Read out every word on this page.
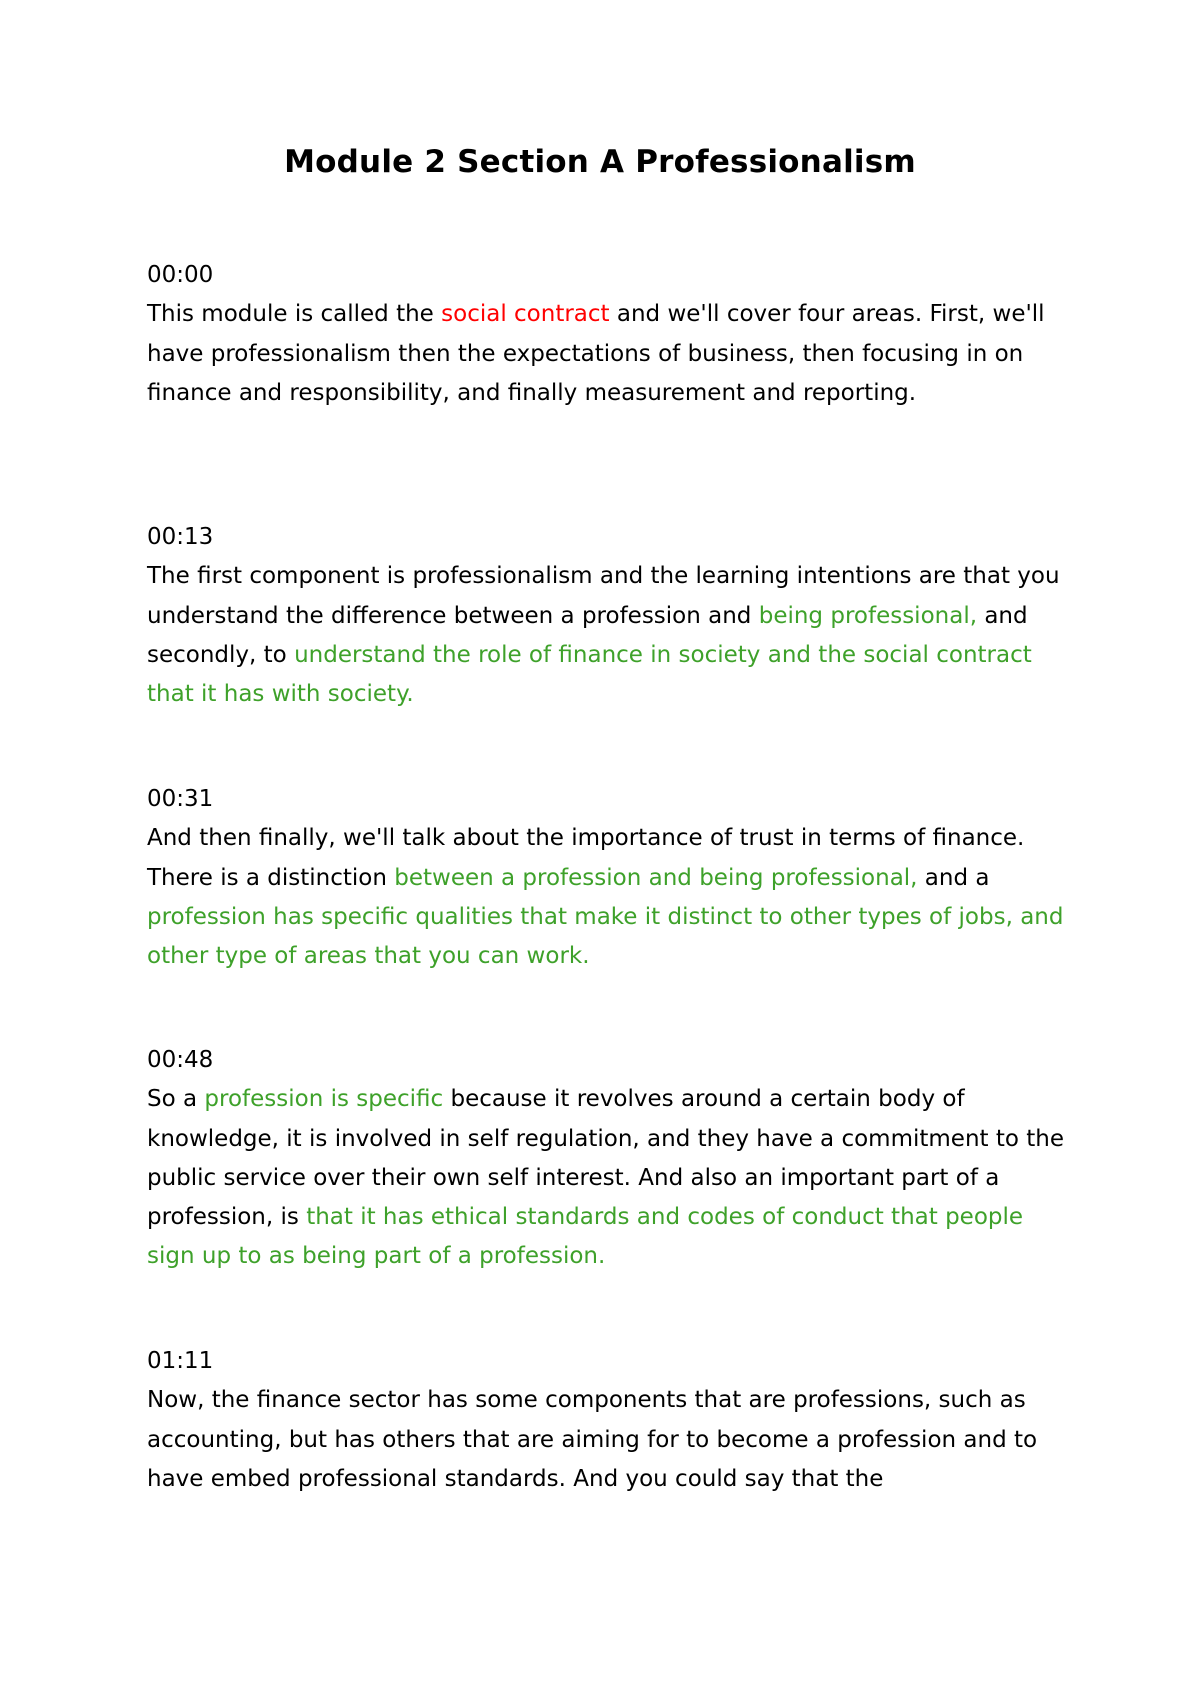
Module 2 Section A Professionalism
00:00

This module is called the social contract and we'll cover four areas. First, we'll have professionalism then the expectations of business, then focusing in on finance and responsibility, and finally measurement and reporting.

00:13

The first component is professionalism and the learning intentions are that you understand the difference between a profession and being professional, and secondly, to understand the role of finance in society and the social contract that it has with society.

00:31

And then finally, we'll talk about the importance of trust in terms of finance. There is a distinction between a profession and being professional, and a profession has specific qualities that make it distinct to other types of jobs, and other type of areas that you can work.

00:48

So a profession is specific because it revolves around a certain body of knowledge, it is involved in self regulation, and they have a commitment to the public service over their own self interest. And also an important part of a profession, is that it has ethical standards and codes of conduct that people sign up to as being part of a profession.

01:11

Now, the finance sector has some components that are professions, such as accounting, but has others that are aiming for to become a profession and to have embed professional standards. And you could say that the
